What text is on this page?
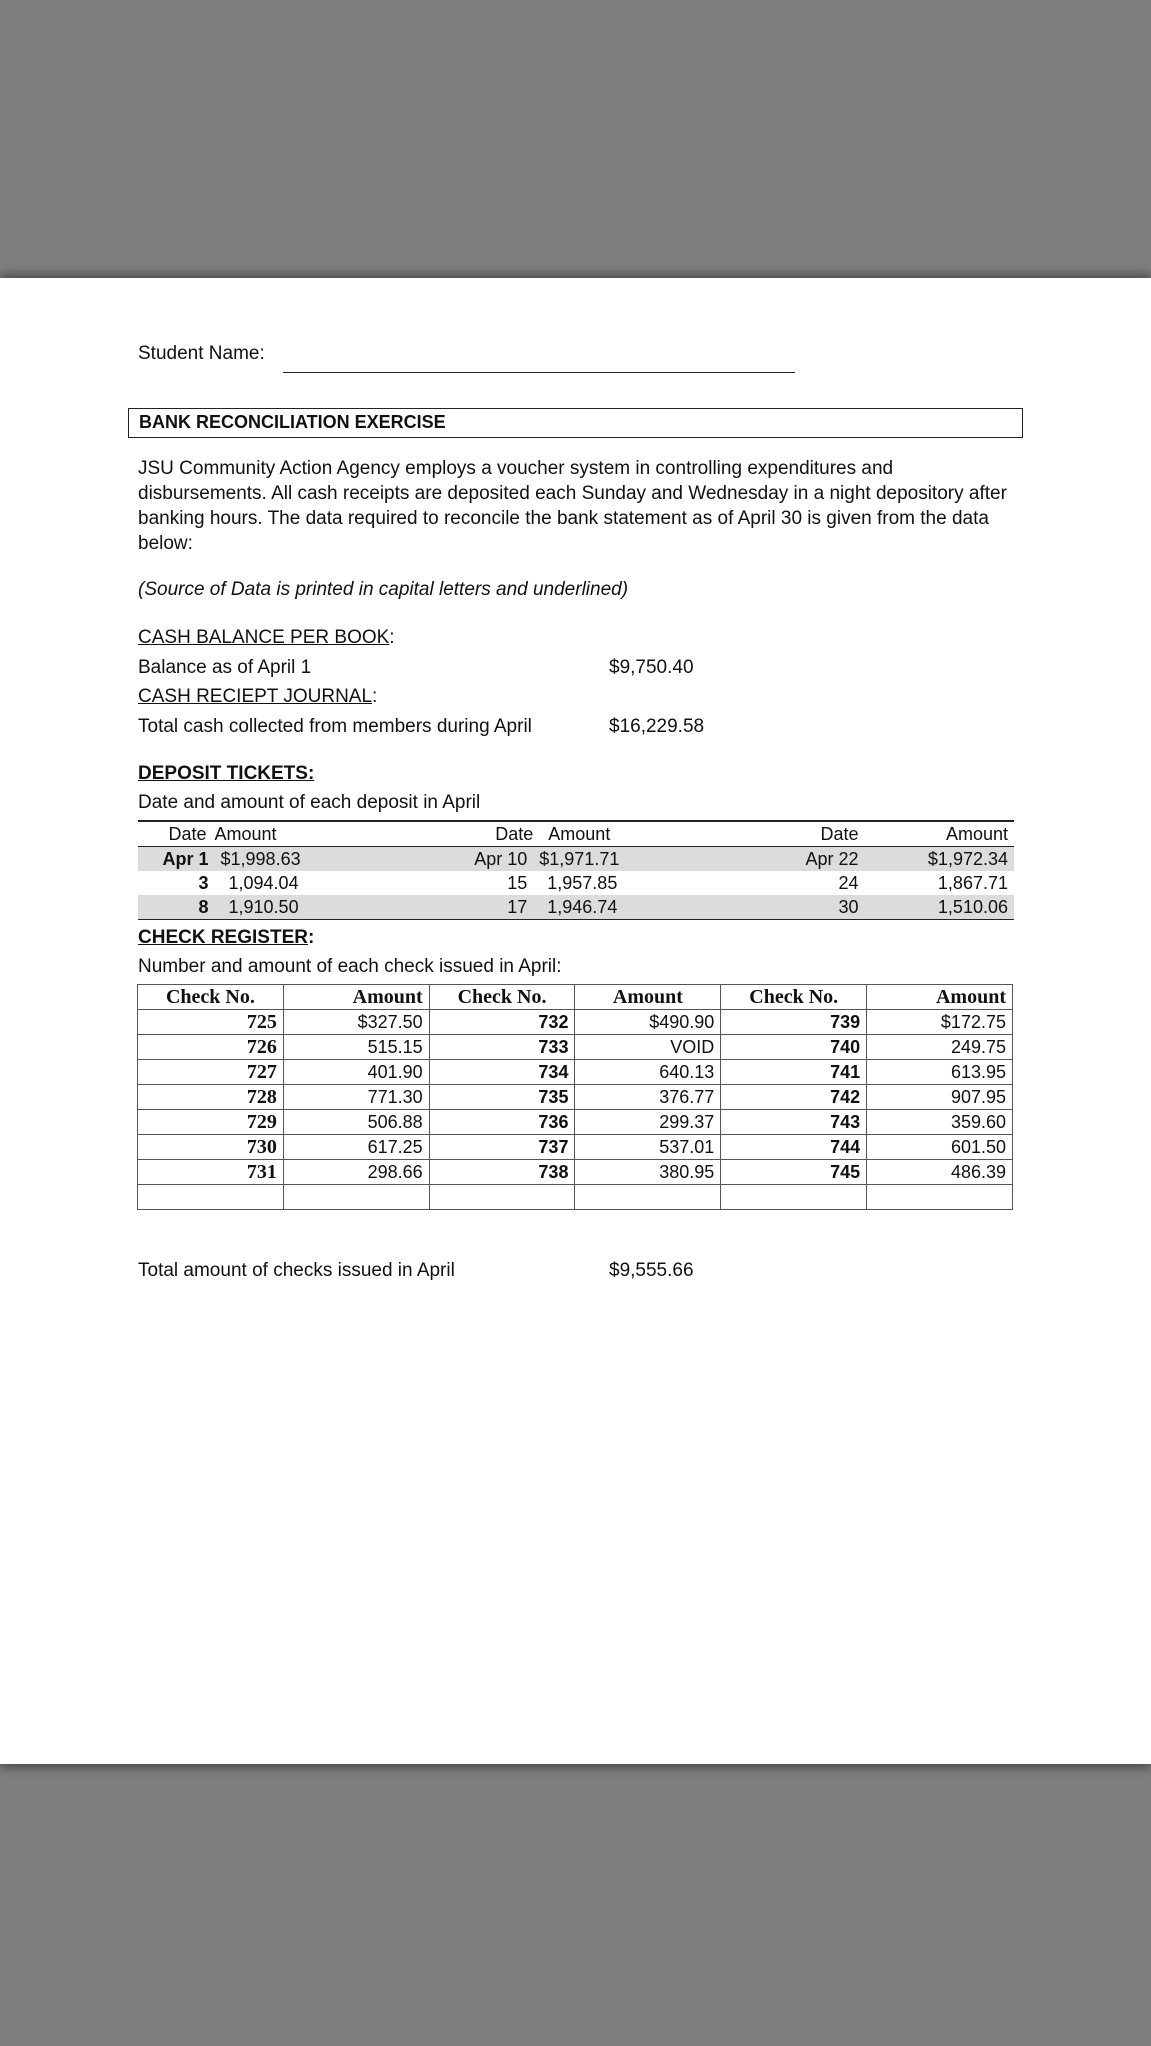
Student Name:
BANK RECONCILIATION EXERCISE
JSU Community Action Agency employs a voucher system in controlling expenditures and disbursements. All cash receipts are deposited each Sunday and Wednesday in a night depository after banking hours. The data required to reconcile the bank statement as of April 30 is given from the data below:
(Source of Data is printed in capital letters and underlined)
CASH BALANCE PER BOOK:
Balance as of April 1	$9,750.40
CASH RECIEPT JOURNAL:
Total cash collected from members during April	$16,229.58
DEPOSIT TICKETS:
Date and amount of each deposit in April
Date	Amount	Date	Amount		Date	Amount
Apr 1	$1,998.63	Apr 10	$1,971.71		Apr 22	$1,972.34
3	1,094.04	15	1,957.85		24	1,867.71
8	1,910.50	17	1,946.74		30	1,510.06
CHECK REGISTER:
Number and amount of each check issued in April:
Check No.	Amount	Check No.	Amount	Check No.	Amount
725	$327.50	732	$490.90	739	$172.75
726	515.15	733	VOID	740	249.75
727	401.90	734	640.13	741	613.95
728	771.30	735	376.77	742	907.95
729	506.88	736	299.37	743	359.60
730	617.25	737	537.01	744	601.50
731	298.66	738	380.95	745	486.39

Total amount of checks issued in April	$9,555.66
